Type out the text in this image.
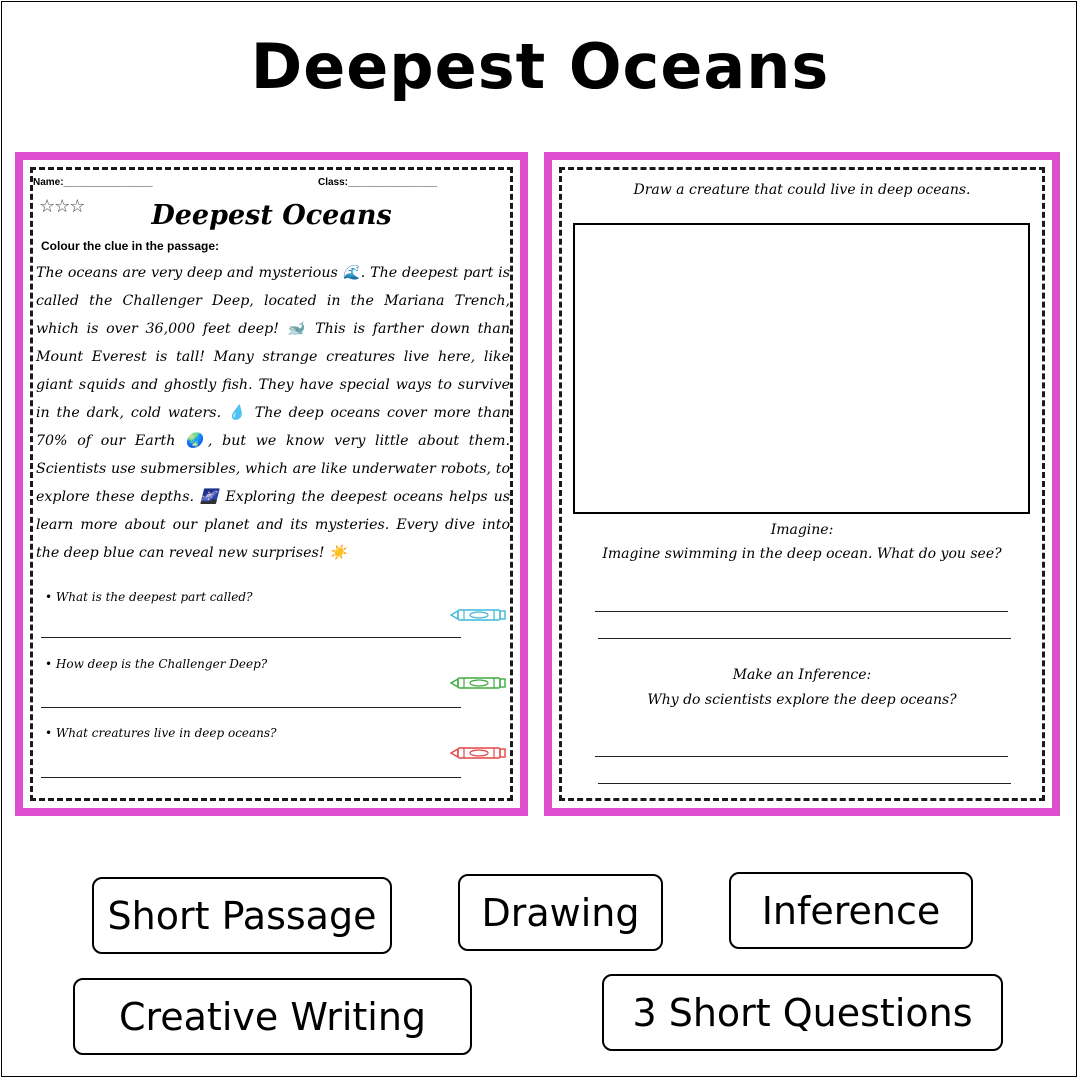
Deepest Oceans
Name:________________	Class:________________
☆☆☆	Deepest Oceans
Colour the clue in the passage:
The oceans are very deep and mysterious 🌊. The deepest part is called the Challenger Deep, located in the Mariana Trench, which is over 36,000 feet deep! 🐋 This is farther down than Mount Everest is tall! Many strange creatures live here, like giant squids and ghostly fish. They have special ways to survive in the dark, cold waters. 💧 The deep oceans cover more than 70% of our Earth 🌏, but we know very little about them. Scientists use submersibles, which are like underwater robots, to explore these depths. 🌌 Exploring the deepest oceans helps us learn more about our planet and its mysteries. Every dive into the deep blue can reveal new surprises! ☀️
• What is the deepest part called?
• How deep is the Challenger Deep?
• What creatures live in deep oceans?
Draw a creature that could live in deep oceans.
Imagine:
Imagine swimming in the deep ocean. What do you see?
Make an Inference:
Why do scientists explore the deep oceans?
Short Passage	Drawing	Inference
Creative Writing	3 Short Questions
